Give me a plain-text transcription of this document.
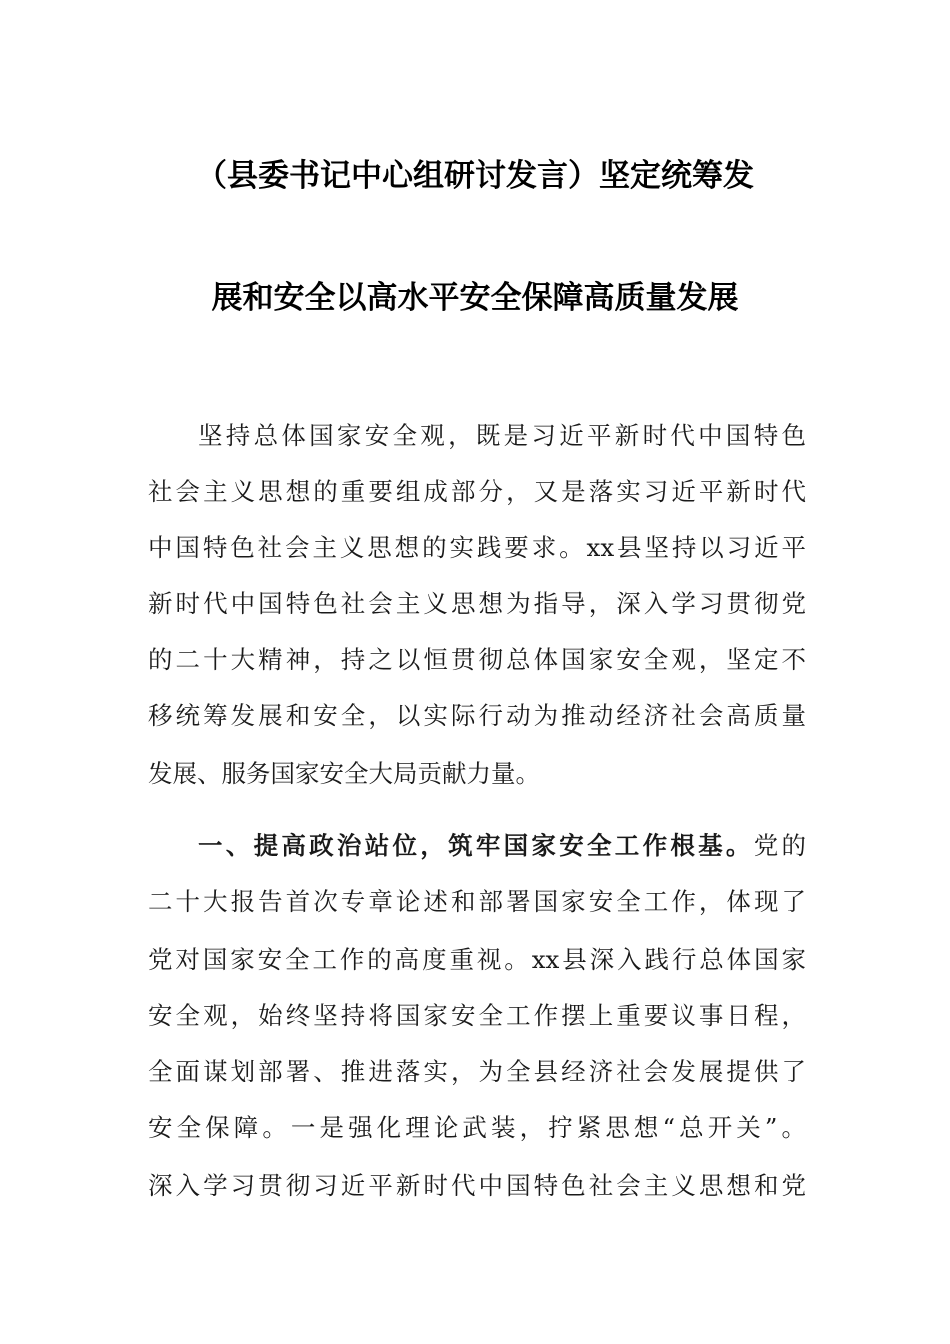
（县委书记中心组研讨发言）坚定统筹发
展和安全以高水平安全保障高质量发展
坚持总体国家安全观，既是习近平新时代中国特色
社会主义思想的重要组成部分，又是落实习近平新时代
中国特色社会主义思想的实践要求。xx县坚持以习近平
新时代中国特色社会主义思想为指导，深入学习贯彻党
的二十大精神，持之以恒贯彻总体国家安全观，坚定不
移统筹发展和安全，以实际行动为推动经济社会高质量
发展、服务国家安全大局贡献力量。
一、提高政治站位，筑牢国家安全工作根基。党的
二十大报告首次专章论述和部署国家安全工作，体现了
党对国家安全工作的高度重视。xx县深入践行总体国家
安全观，始终坚持将国家安全工作摆上重要议事日程，
全面谋划部署、推进落实，为全县经济社会发展提供了
安全保障。一是强化理论武装，拧紧思想“总开关”。
深入学习贯彻习近平新时代中国特色社会主义思想和党
